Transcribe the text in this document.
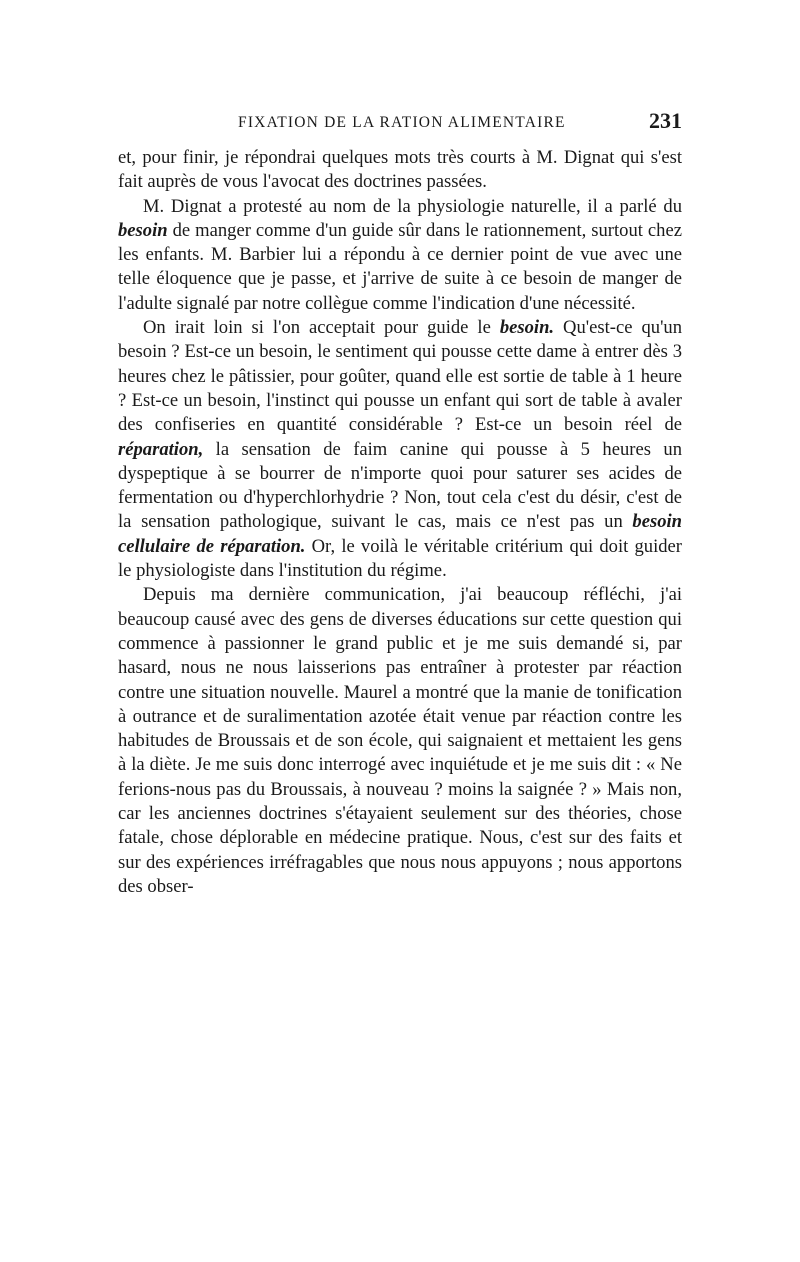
FIXATION DE LA RATION ALIMENTAIRE	231

et, pour finir, je répondrai quelques mots très courts à M. Dignat qui s'est fait auprès de vous l'avocat des doctrines passées.

M. Dignat a protesté au nom de la physiologie naturelle, il a parlé du besoin de manger comme d'un guide sûr dans le rationnement, surtout chez les enfants. M. Barbier lui a répondu à ce dernier point de vue avec une telle éloquence que je passe, et j'arrive de suite à ce besoin de manger de l'adulte signalé par notre collègue comme l'indication d'une nécessité.

On irait loin si l'on acceptait pour guide le besoin. Qu'est-ce qu'un besoin ? Est-ce un besoin, le sentiment qui pousse cette dame à entrer dès 3 heures chez le pâtissier, pour goûter, quand elle est sortie de table à 1 heure ? Est-ce un besoin, l'instinct qui pousse un enfant qui sort de table à avaler des confiseries en quantité considérable ? Est-ce un besoin réel de réparation, la sensation de faim canine qui pousse à 5 heures un dyspeptique à se bourrer de n'importe quoi pour saturer ses acides de fermentation ou d'hyperchlorhydrie ? Non, tout cela c'est du désir, c'est de la sensation pathologique, suivant le cas, mais ce n'est pas un besoin cellulaire de réparation. Or, le voilà le véritable critérium qui doit guider le physiologiste dans l'institution du régime.

Depuis ma dernière communication, j'ai beaucoup réfléchi, j'ai beaucoup causé avec des gens de diverses éducations sur cette question qui commence à passionner le grand public et je me suis demandé si, par hasard, nous ne nous laisserions pas entraîner à protester par réaction contre une situation nouvelle. Maurel a montré que la manie de tonification à outrance et de suralimentation azotée était venue par réaction contre les habitudes de Broussais et de son école, qui saignaient et mettaient les gens à la diète. Je me suis donc interrogé avec inquiétude et je me suis dit : « Ne ferions-nous pas du Broussais, à nouveau ? moins la saignée ? » Mais non, car les anciennes doctrines s'étayaient seulement sur des théories, chose fatale, chose déplorable en médecine pratique. Nous, c'est sur des faits et sur des expériences irréfragables que nous nous appuyons ; nous apportons des obser-
